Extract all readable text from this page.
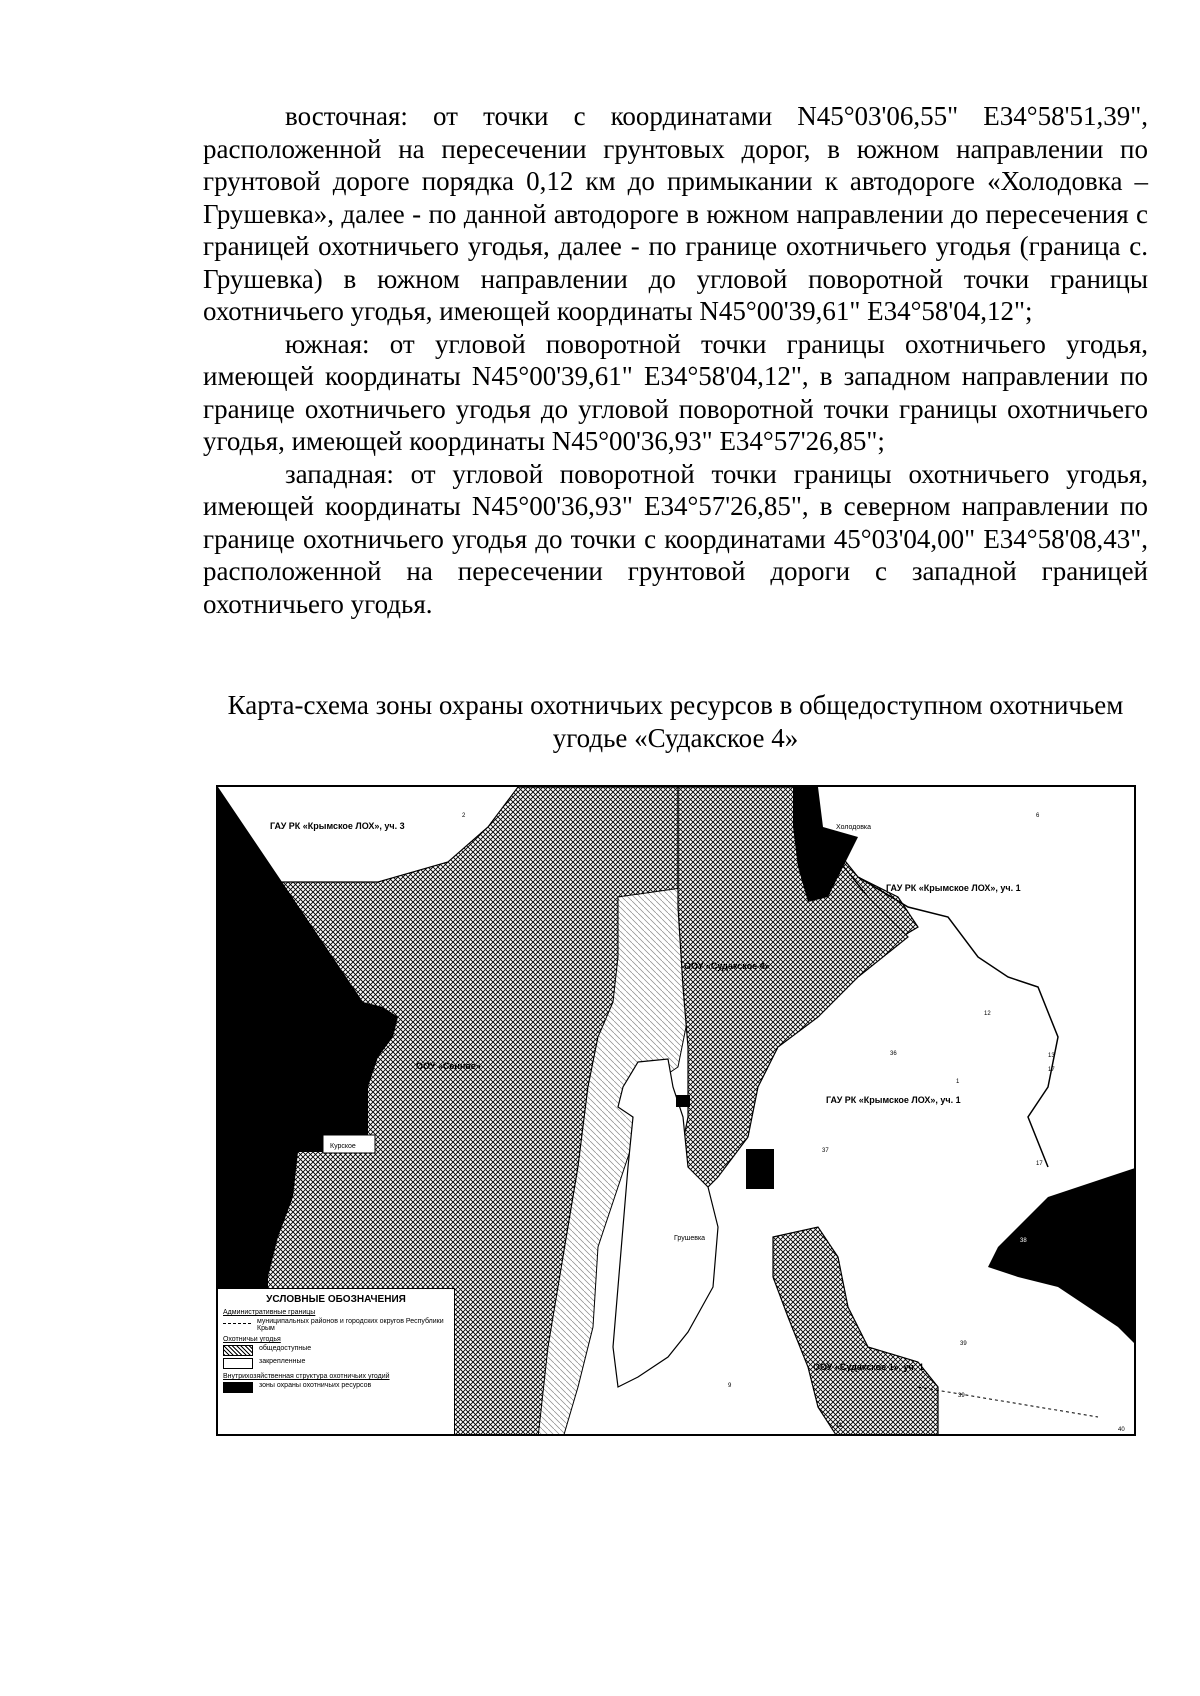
восточная: от точки с координатами N45°03'06,55" E34°58'51,39", расположенной на пересечении грунтовых дорог, в южном направлении по грунтовой дороге порядка 0,12 км до примыкании к автодороге «Холодовка – Грушевка», далее - по данной автодороге в южном направлении до пересечения с границей охотничьего угодья, далее - по границе охотничьего угодья (граница с. Грушевка) в южном направлении до угловой поворотной точки границы охотничьего угодья, имеющей координаты N45°00'39,61" E34°58'04,12";

южная: от угловой поворотной точки границы охотничьего угодья, имеющей координаты N45°00'39,61" E34°58'04,12", в западном направлении по границе охотничьего угодья до угловой поворотной точки границы охотничьего угодья, имеющей координаты N45°00'36,93" E34°57'26,85";

западная: от угловой поворотной точки границы охотничьего угодья, имеющей координаты N45°00'36,93" E34°57'26,85", в северном направлении по границе охотничьего угодья до точки с координатами 45°03'04,00" E34°58'08,43", расположенной на пересечении грунтовой дороги с западной границей охотничьего угодья.

Карта-схема зоны охраны охотничьих ресурсов в общедоступном охотничьем
угодье «Судакское 4»
ГАУ РК «Крымское ЛОХ», уч. 3
ГАУ РК «Крымское ЛОХ», уч. 1
ООУ «Судакское 4»
ООУ «Сенное»
ГАУ РК «Крымское ЛОХ», уч. 1
ООУ «Судакское 1», уч. 1
Холодовка
Грушевка
Курское
2	6
12
13
17
36
37
17
38
39
39
40
9
11
1
УСЛОВНЫЕ ОБОЗНАЧЕНИЯ
Административные границы
муниципальных районов и городских округов Республики Крым
Охотничьи угодья
общедоступные
закрепленные
Внутрихозяйственная структура охотничьих угодий
зоны охраны охотничьих ресурсов
